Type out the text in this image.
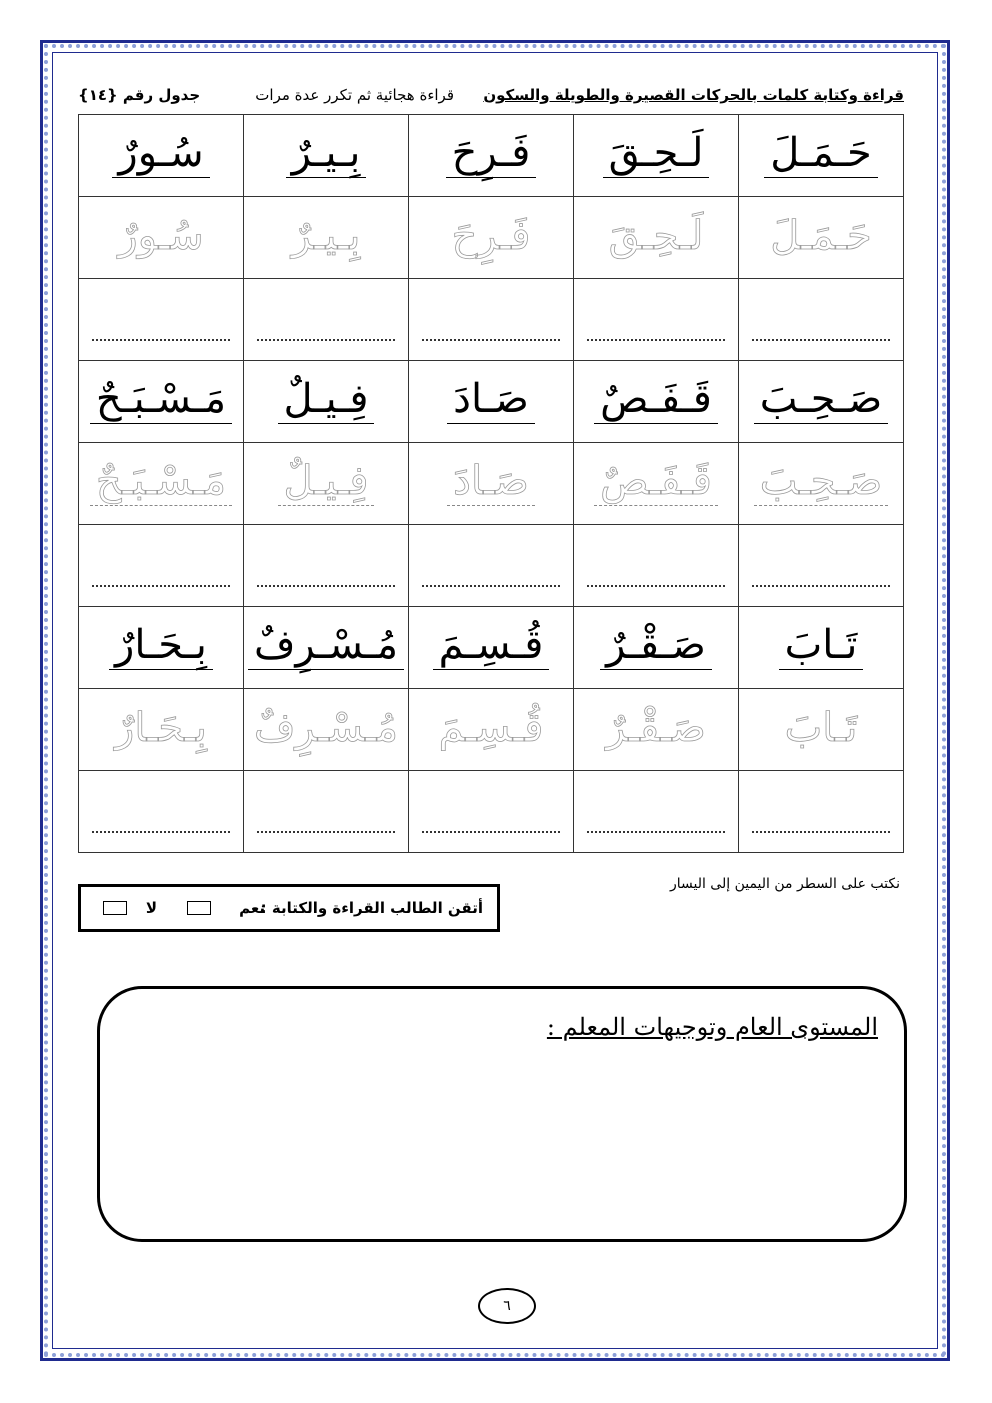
قراءة وكتابة كلمات بالحركات القصيرة والطويلة والسكون
قراءة هجائية ثم تكرر عدة مرات
جدول رقم {١٤}
حَـمَـلَ	لَـحِـقَ	فَـرِحَ	بِـيـرٌ	سُـورٌ
حَـمَـلَ	لَـحِـقَ	فَـرِحَ	بِـيـرٌ	سُـورٌ

صَـحِـبَ	قَـفَـصٌ	صَـادَ	فِـيـلٌ	مَـسْـبَـحٌ
صَـحِـبَ	قَـفَـصٌ	صَـادَ	فِـيـلٌ	مَـسْـبَـحٌ

تَـابَ	صَـقْـرٌ	قُـسِـمَ	مُـسْـرِفٌ	بِـحَـارٌ
تَـابَ	صَـقْـرٌ	قُـسِـمَ	مُـسْـرِفٌ	بِـحَـارٌ

نكتب على السطر من اليمين إلى اليسار
أتقن الطالب القراءة والكتابة :
نعم
لا
المستوى العام وتوجيهات المعلم :
٦
